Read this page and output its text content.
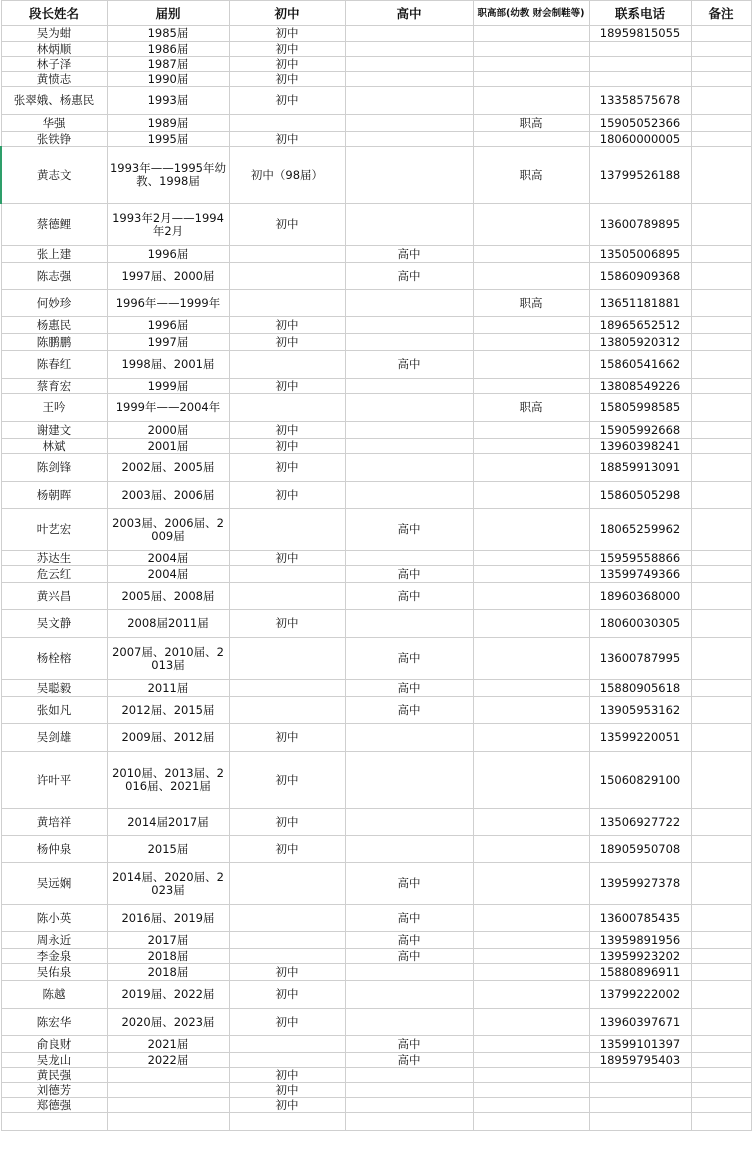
段长姓名	届别	初中	高中	职高部(幼教 财会制鞋等)	联系电话	备注
吴为蚶	1985届	初中			18959815055	
林炳顺	1986届	初中				
林子泽	1987届	初中				
黄愤志	1990届	初中				
张翠娥、杨惠民	1993届	初中			13358575678	
华强	1989届			职高	15905052366	
张铁铮	1995届	初中			18060000005	
黄志文	1993年——1995年幼教、1998届	初中（98届）		职高	13799526188	
蔡德鲤	1993年2月——1994年2月	初中			13600789895	
张上建	1996届		高中		13505006895	
陈志强	1997届、2000届		高中		15860909368	
何妙珍	1996年——1999年			职高	13651181881	
杨惠民	1996届	初中			18965652512	
陈鹏鹏	1997届	初中			13805920312	
陈春红	1998届、2001届		高中		15860541662	
蔡育宏	1999届	初中			13808549226	
王吟	1999年——2004年			职高	15805998585	
谢建文	2000届	初中			15905992668	
林斌	2001届	初中			13960398241	
陈剑锋	2002届、2005届	初中			18859913091	
杨朝晖	2003届、2006届	初中			15860505298	
叶艺宏	2003届、2006届、2009届		高中		18065259962	
苏达生	2004届	初中			15959558866	
危云红	2004届		高中		13599749366	
黄兴昌	2005届、2008届		高中		18960368000	
吴文静	2008届2011届	初中			18060030305	
杨栓榕	2007届、2010届、2013届		高中		13600787995	
吴聪毅	2011届		高中		15880905618	
张如凡	2012届、2015届		高中		13905953162	
吴剑雄	2009届、2012届	初中			13599220051	
许叶平	2010届、2013届、2016届、2021届	初中			15060829100	
黄培祥	2014届2017届	初中			13506927722	
杨仲泉	2015届	初中			18905950708	
吴远娴	2014届、2020届、2023届		高中		13959927378	
陈小英	2016届、2019届		高中		13600785435	
周永近	2017届		高中		13959891956	
李金泉	2018届		高中		13959923202	
吴佑泉	2018届	初中			15880896911	
陈越	2019届、2022届	初中			13799222002	
陈宏华	2020届、2023届	初中			13960397671	
俞良财	2021届		高中		13599101397	
吴龙山	2022届		高中		18959795403	
黄民强		初中				
刘德芳		初中				
郑德强		初中				
